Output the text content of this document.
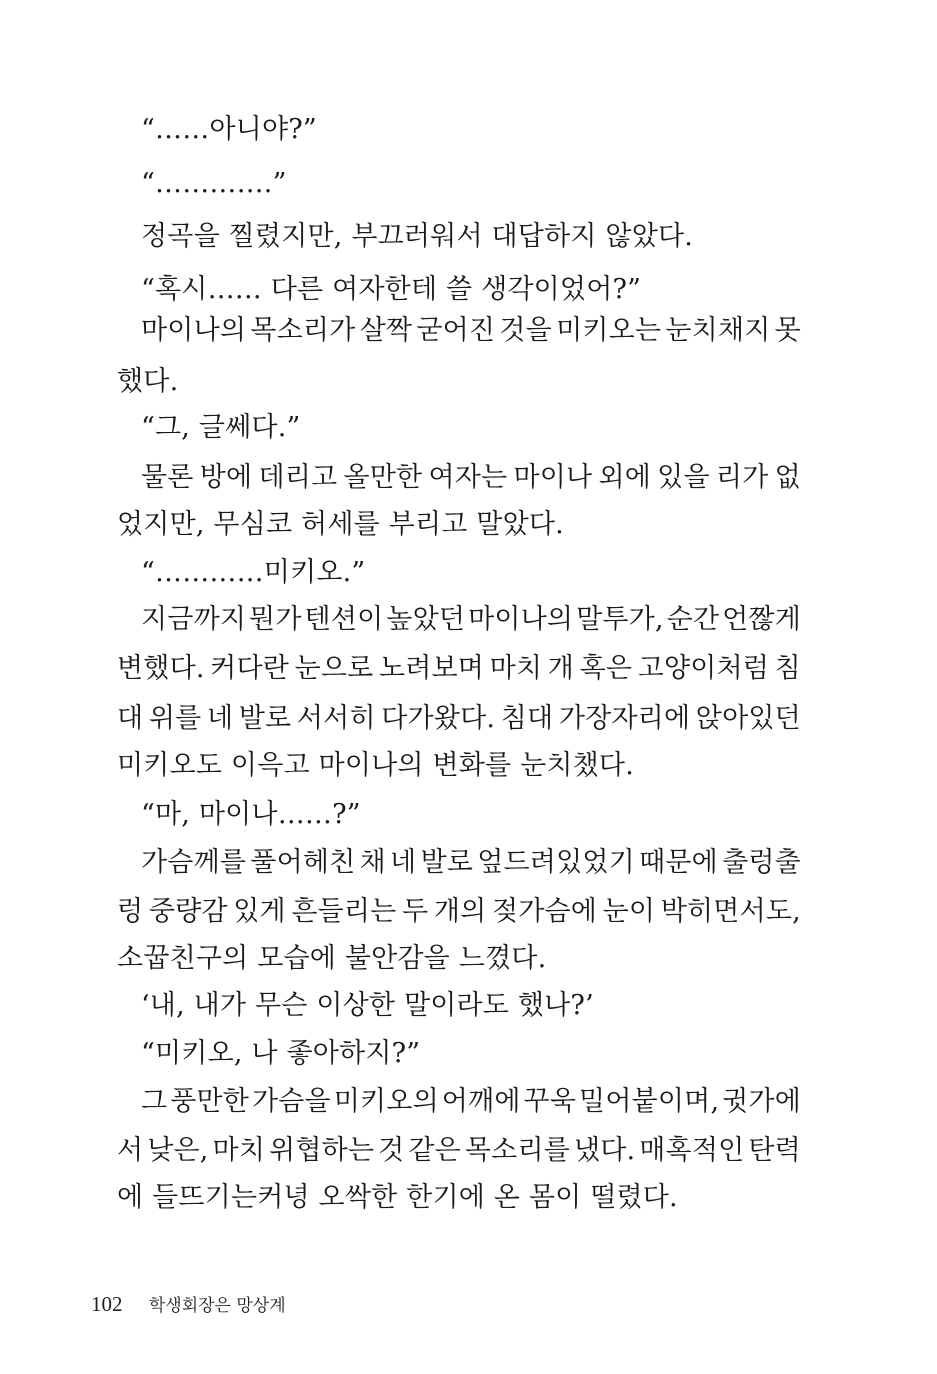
“……아니야?”
“………….”
정곡을 찔렸지만, 부끄러워서 대답하지 않았다.
“혹시…… 다른 여자한테 쓸 생각이었어?”
마이나의 목소리가 살짝 굳어진 것을 미키오는 눈치채지 못
했다.
“그, 글쎄다.”
물론 방에 데리고 올만한 여자는 마이나 외에 있을 리가 없
었지만, 무심코 허세를 부리고 말았다.
“…………미키오.”
지금까지 뭔가 텐션이 높았던 마이나의 말투가, 순간 언짢게
변했다. 커다란 눈으로 노려보며 마치 개 혹은 고양이처럼 침
대 위를 네 발로 서서히 다가왔다. 침대 가장자리에 앉아있던
미키오도 이윽고 마이나의 변화를 눈치챘다.
“마, 마이나……?”
가슴께를 풀어헤친 채 네 발로 엎드려있었기 때문에 출렁출
렁 중량감 있게 흔들리는 두 개의 젖가슴에 눈이 박히면서도,
소꿉친구의 모습에 불안감을 느꼈다.
‘내, 내가 무슨 이상한 말이라도 했나?’
“미키오, 나 좋아하지?”
그 풍만한 가슴을 미키오의 어깨에 꾸욱 밀어붙이며, 귓가에
서 낮은, 마치 위협하는 것 같은 목소리를 냈다. 매혹적인 탄력
에 들뜨기는커녕 오싹한 한기에 온 몸이 떨렸다.
102 학생회장은 망상계
